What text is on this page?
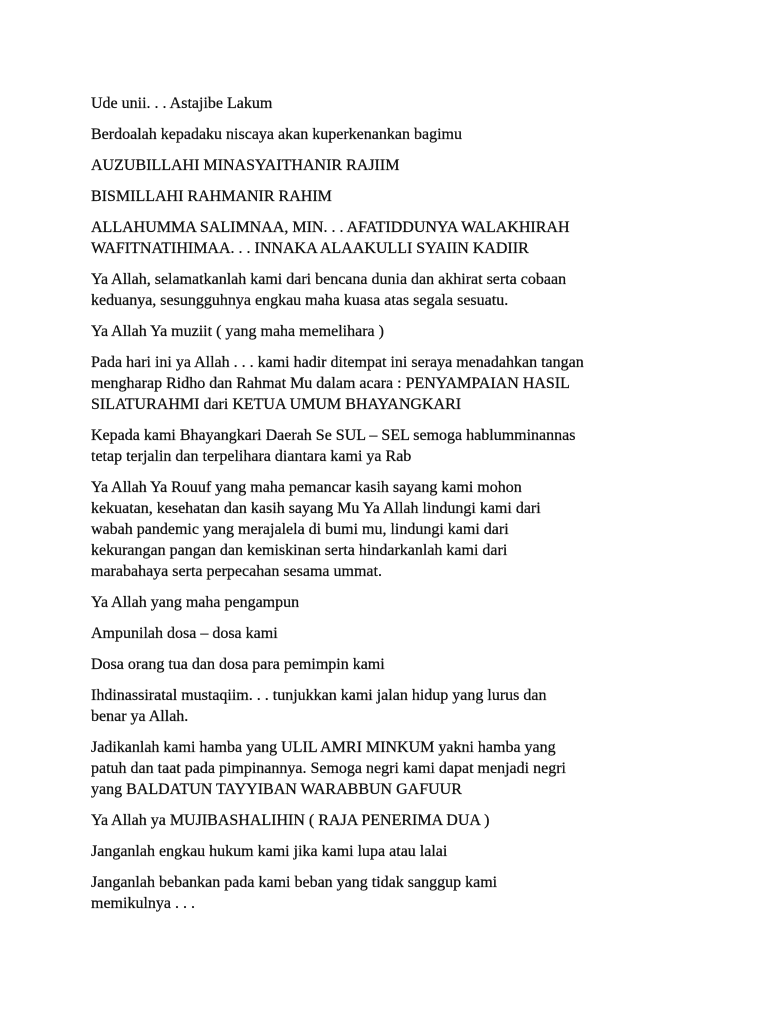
Ude unii. . . Astajibe Lakum

Berdoalah kepadaku niscaya akan kuperkenankan bagimu

AUZUBILLAHI MINASYAITHANIR RAJIIM

BISMILLAHI RAHMANIR RAHIM

ALLAHUMMA SALIMNAA, MIN. . . AFATIDDUNYA WALAKHIRAH
WAFITNATIHIMAA. . . INNAKA ALAAKULLI SYAIIN KADIIR

Ya Allah, selamatkanlah kami dari bencana dunia dan akhirat serta cobaan
keduanya, sesungguhnya engkau maha kuasa atas segala sesuatu.

Ya Allah Ya muziit ( yang maha memelihara )

Pada hari ini ya Allah . . . kami hadir ditempat ini seraya menadahkan tangan
mengharap Ridho dan Rahmat Mu dalam acara : PENYAMPAIAN HASIL
SILATURAHMI dari KETUA UMUM BHAYANGKARI

Kepada kami Bhayangkari Daerah Se SUL – SEL semoga hablumminannas
tetap terjalin dan terpelihara diantara kami ya Rab

Ya Allah Ya Rouuf yang maha pemancar kasih sayang kami mohon
kekuatan, kesehatan dan kasih sayang Mu Ya Allah lindungi kami dari
wabah pandemic yang merajalela di bumi mu, lindungi kami dari
kekurangan pangan dan kemiskinan serta hindarkanlah kami dari
marabahaya serta perpecahan sesama ummat.

Ya Allah yang maha pengampun

Ampunilah dosa – dosa kami

Dosa orang tua dan dosa para pemimpin kami

Ihdinassiratal mustaqiim. . . tunjukkan kami jalan hidup yang lurus dan
benar ya Allah.

Jadikanlah kami hamba yang ULIL AMRI MINKUM yakni hamba yang
patuh dan taat pada pimpinannya. Semoga negri kami dapat menjadi negri
yang BALDATUN TAYYIBAN WARABBUN GAFUUR

Ya Allah ya MUJIBASHALIHIN ( RAJA PENERIMA DUA )

Janganlah engkau hukum kami jika kami lupa atau lalai

Janganlah bebankan pada kami beban yang tidak sanggup kami
memikulnya . . .
